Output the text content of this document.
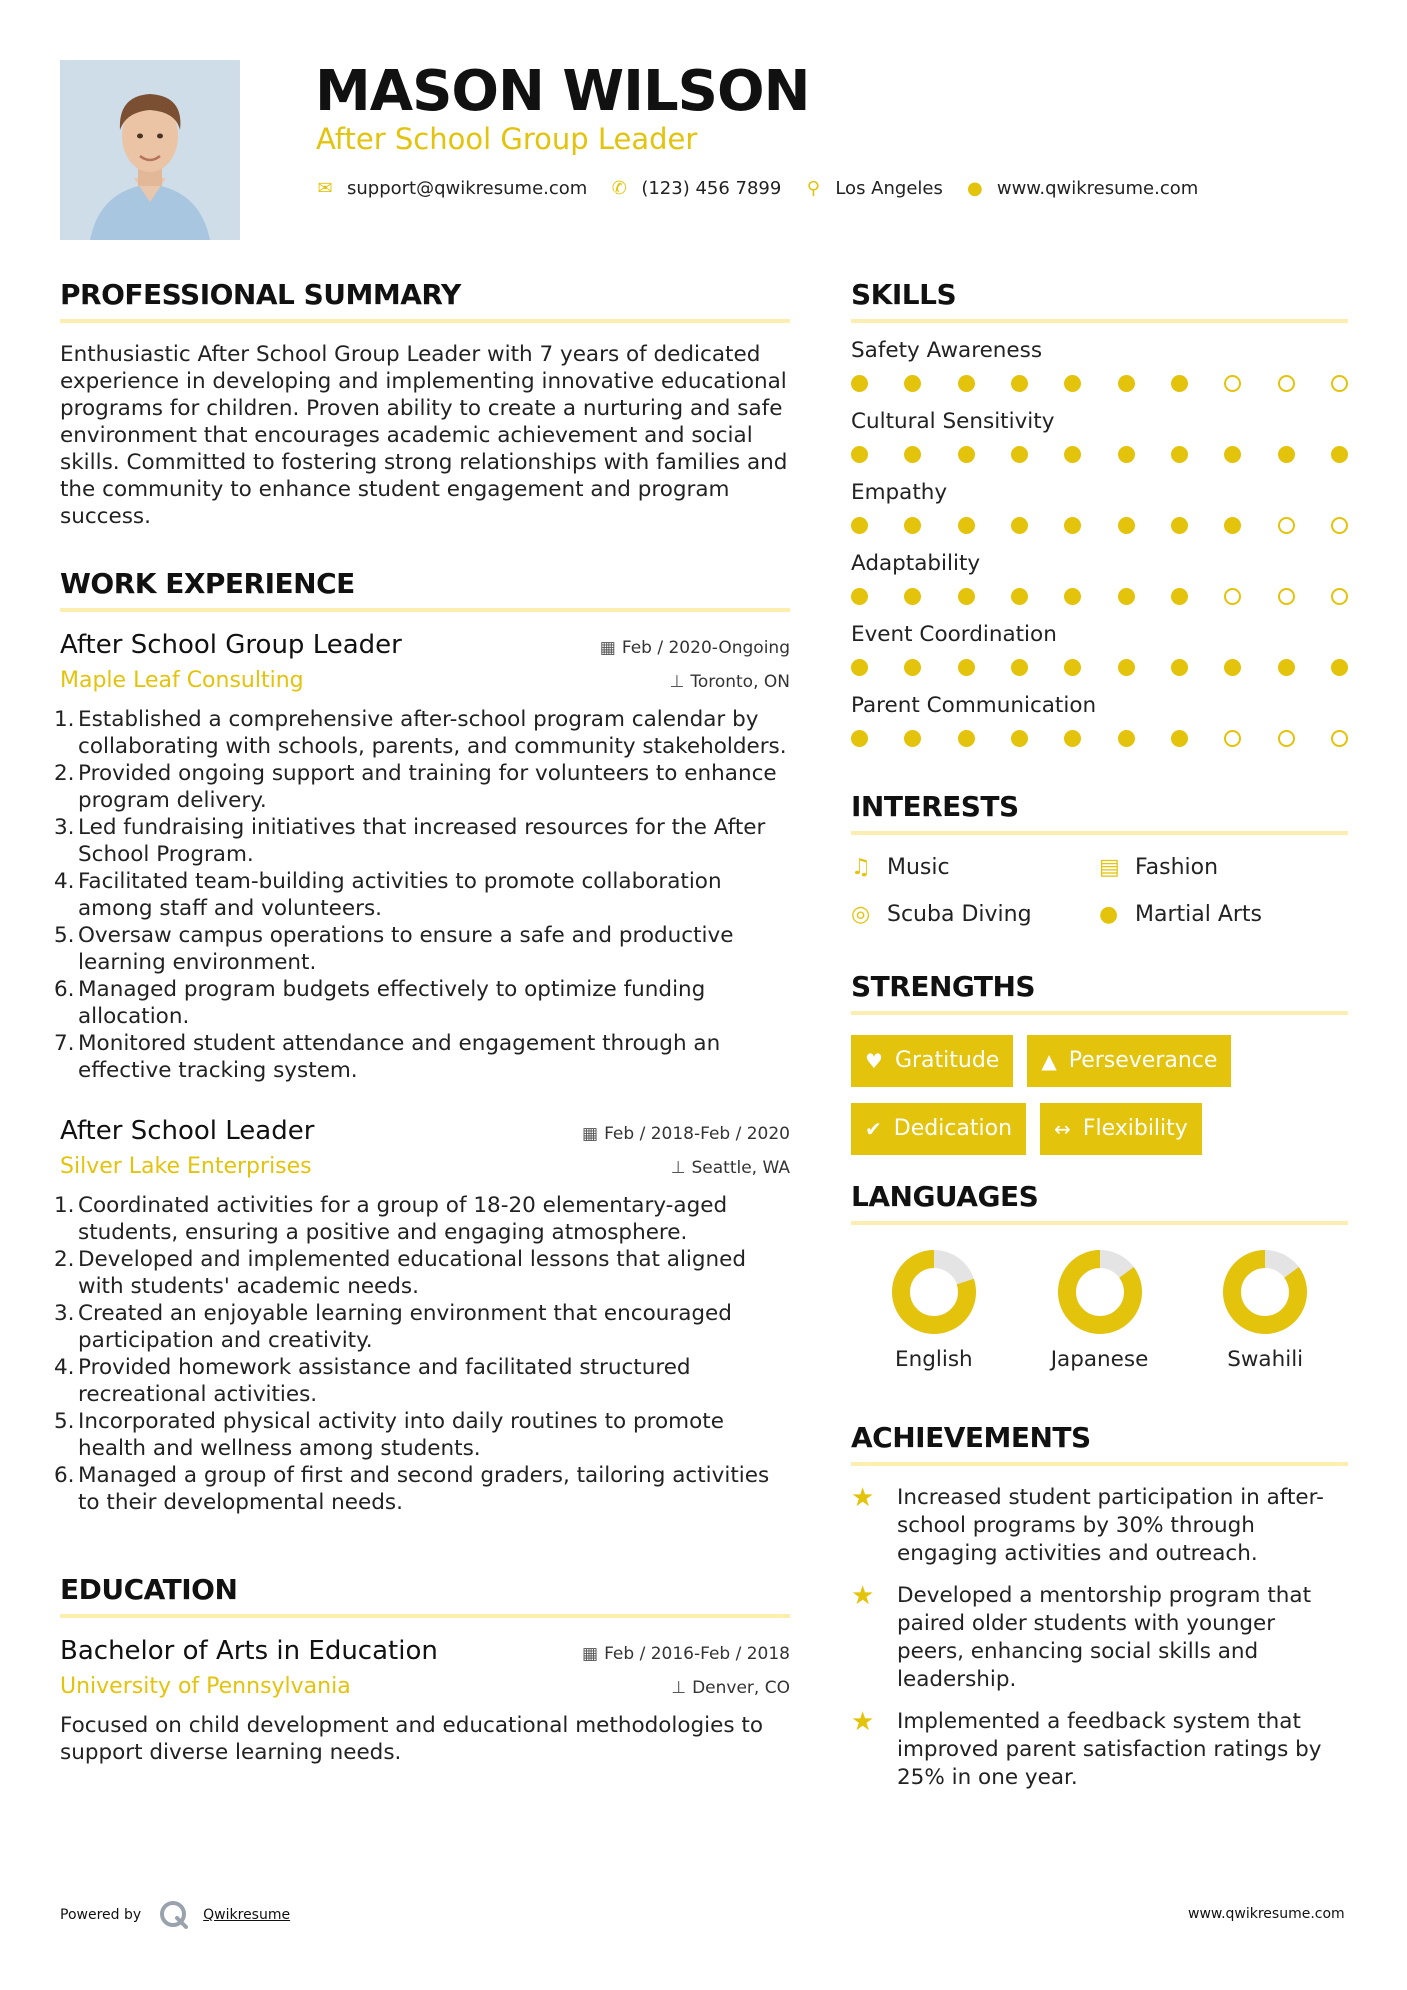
MASON WILSON
After School Group Leader
✉ support@qwikresume.com ✆ (123) 456 7899 ⚲ Los Angeles ● www.qwikresume.com
PROFESSIONAL SUMMARY
Enthusiastic After School Group Leader with 7 years of dedicated experience in developing and implementing innovative educational programs for children. Proven ability to create a nurturing and safe environment that encourages academic achievement and social skills. Committed to fostering strong relationships with families and the community to enhance student engagement and program success.
WORK EXPERIENCE
After School Group Leader	▦ Feb / 2020-Ongoing
Maple Leaf Consulting	⊥ Toronto, ON
1. Established a comprehensive after-school program calendar by collaborating with schools, parents, and community stakeholders.
2. Provided ongoing support and training for volunteers to enhance program delivery.
3. Led fundraising initiatives that increased resources for the After School Program.
4. Facilitated team-building activities to promote collaboration among staff and volunteers.
5. Oversaw campus operations to ensure a safe and productive learning environment.
6. Managed program budgets effectively to optimize funding allocation.
7. Monitored student attendance and engagement through an effective tracking system.
After School Leader	▦ Feb / 2018-Feb / 2020
Silver Lake Enterprises	⊥ Seattle, WA
1. Coordinated activities for a group of 18-20 elementary-aged students, ensuring a positive and engaging atmosphere.
2. Developed and implemented educational lessons that aligned with students' academic needs.
3. Created an enjoyable learning environment that encouraged participation and creativity.
4. Provided homework assistance and facilitated structured recreational activities.
5. Incorporated physical activity into daily routines to promote health and wellness among students.
6. Managed a group of first and second graders, tailoring activities to their developmental needs.
EDUCATION
Bachelor of Arts in Education	▦ Feb / 2016-Feb / 2018
University of Pennsylvania	⊥ Denver, CO
Focused on child development and educational methodologies to support diverse learning needs.
SKILLS
Safety Awareness
Cultural Sensitivity
Empathy
Adaptability
Event Coordination
Parent Communication
INTERESTS
♫ Music	▤ Fashion
◎ Scuba Diving	● Martial Arts
STRENGTHS
♥ Gratitude ▲ Perseverance
✔ Dedication ↔ Flexibility
LANGUAGES
English	Japanese	Swahili
ACHIEVEMENTS
★	Increased student participation in after-school programs by 30% through engaging activities and outreach.
★	Developed a mentorship program that paired older students with younger peers, enhancing social skills and leadership.
★	Implemented a feedback system that improved parent satisfaction ratings by 25% in one year.
Powered by	Qwikresume	www.qwikresume.com
